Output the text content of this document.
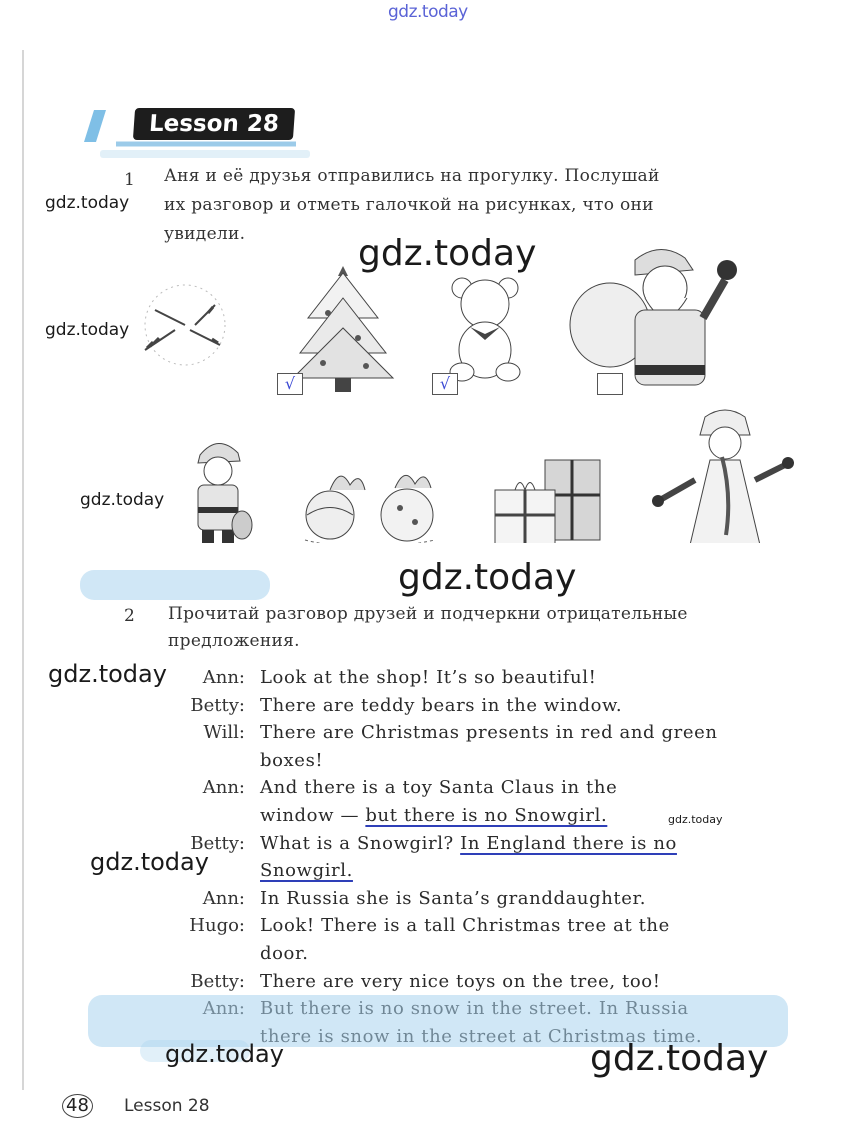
gdz.today
Lesson 28
1 Аня и её друзья отправились на прогулку. Послушай
их разговор и отметь галочкой на рисунках, что они
увидели.
gdz.today
gdz.today
gdz.today
√	√
gdz.today
gdz.today
2 Прочитай разговор друзей и подчеркни отрицательные
предложения.
gdz.today Ann: Look at the shop! It’s so beautiful!
Betty: There are teddy bears in the window.
Will: There are Christmas presents in red and green
boxes!
Ann: And there is a toy Santa Claus in the
window — but there is no Snowgirl.
Betty: What is a Snowgirl? In England there is no
Snowgirl.
Ann: In Russia she is Santa’s granddaughter.
Hugo: Look! There is a tall Christmas tree at the
door.
Betty: There are very nice toys on the tree, too!
gdz.today
gdz.today
gdz.today	gdz.today
48 Lesson 28
